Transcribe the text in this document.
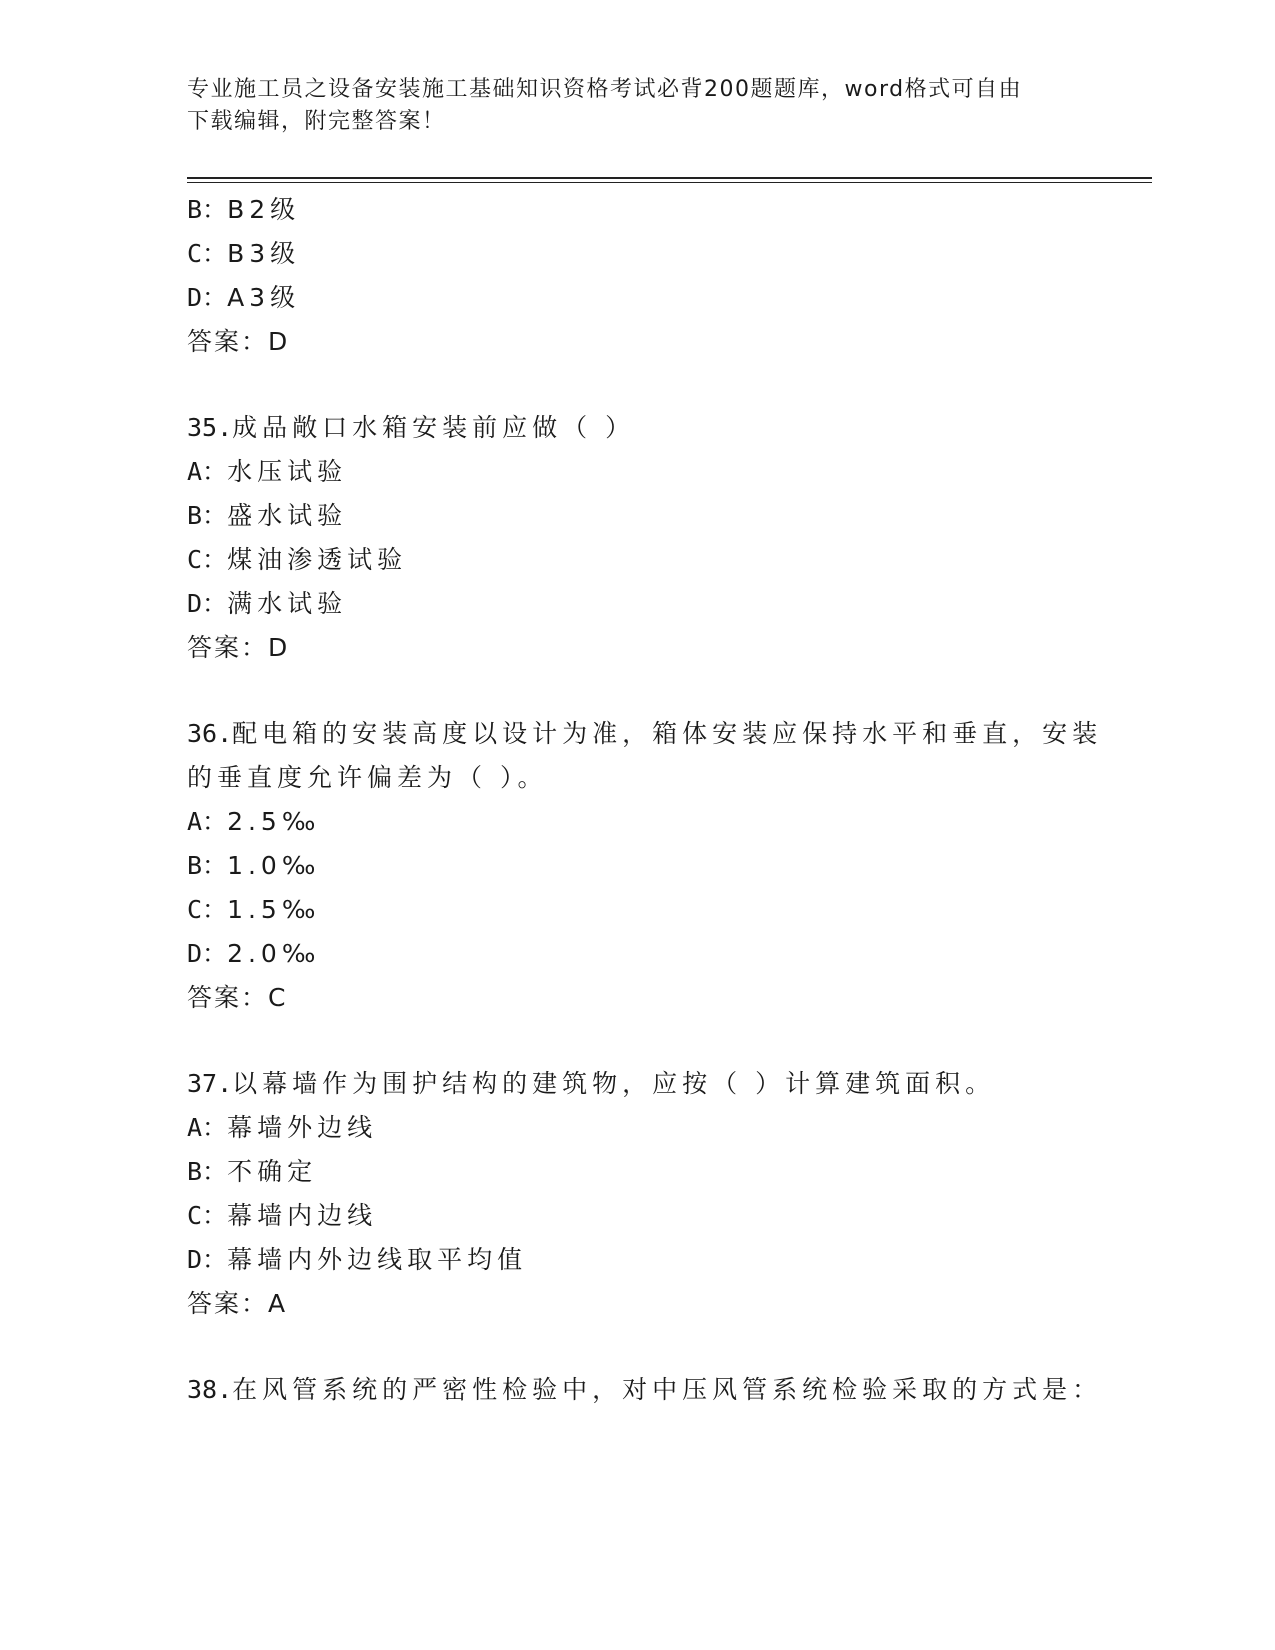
专业施工员之设备安装施工基础知识资格考试必背200题题库，word格式可自由
下载编辑，附完整答案！
B：B2级
C：B3级
D：A3级
答案：D
35.成品敞口水箱安装前应做（ ）
A：水压试验
B：盛水试验
C：煤油渗透试验
D：满水试验
答案：D
36.配电箱的安装高度以设计为准，箱体安装应保持水平和垂直，安装
的垂直度允许偏差为（ ）。
A：2.5‰
B：1.0‰
C：1.5‰
D：2.0‰
答案：C
37.以幕墙作为围护结构的建筑物，应按（ ）计算建筑面积。
A：幕墙外边线
B：不确定
C：幕墙内边线
D：幕墙内外边线取平均值
答案：A
38.在风管系统的严密性检验中，对中压风管系统检验采取的方式是：
